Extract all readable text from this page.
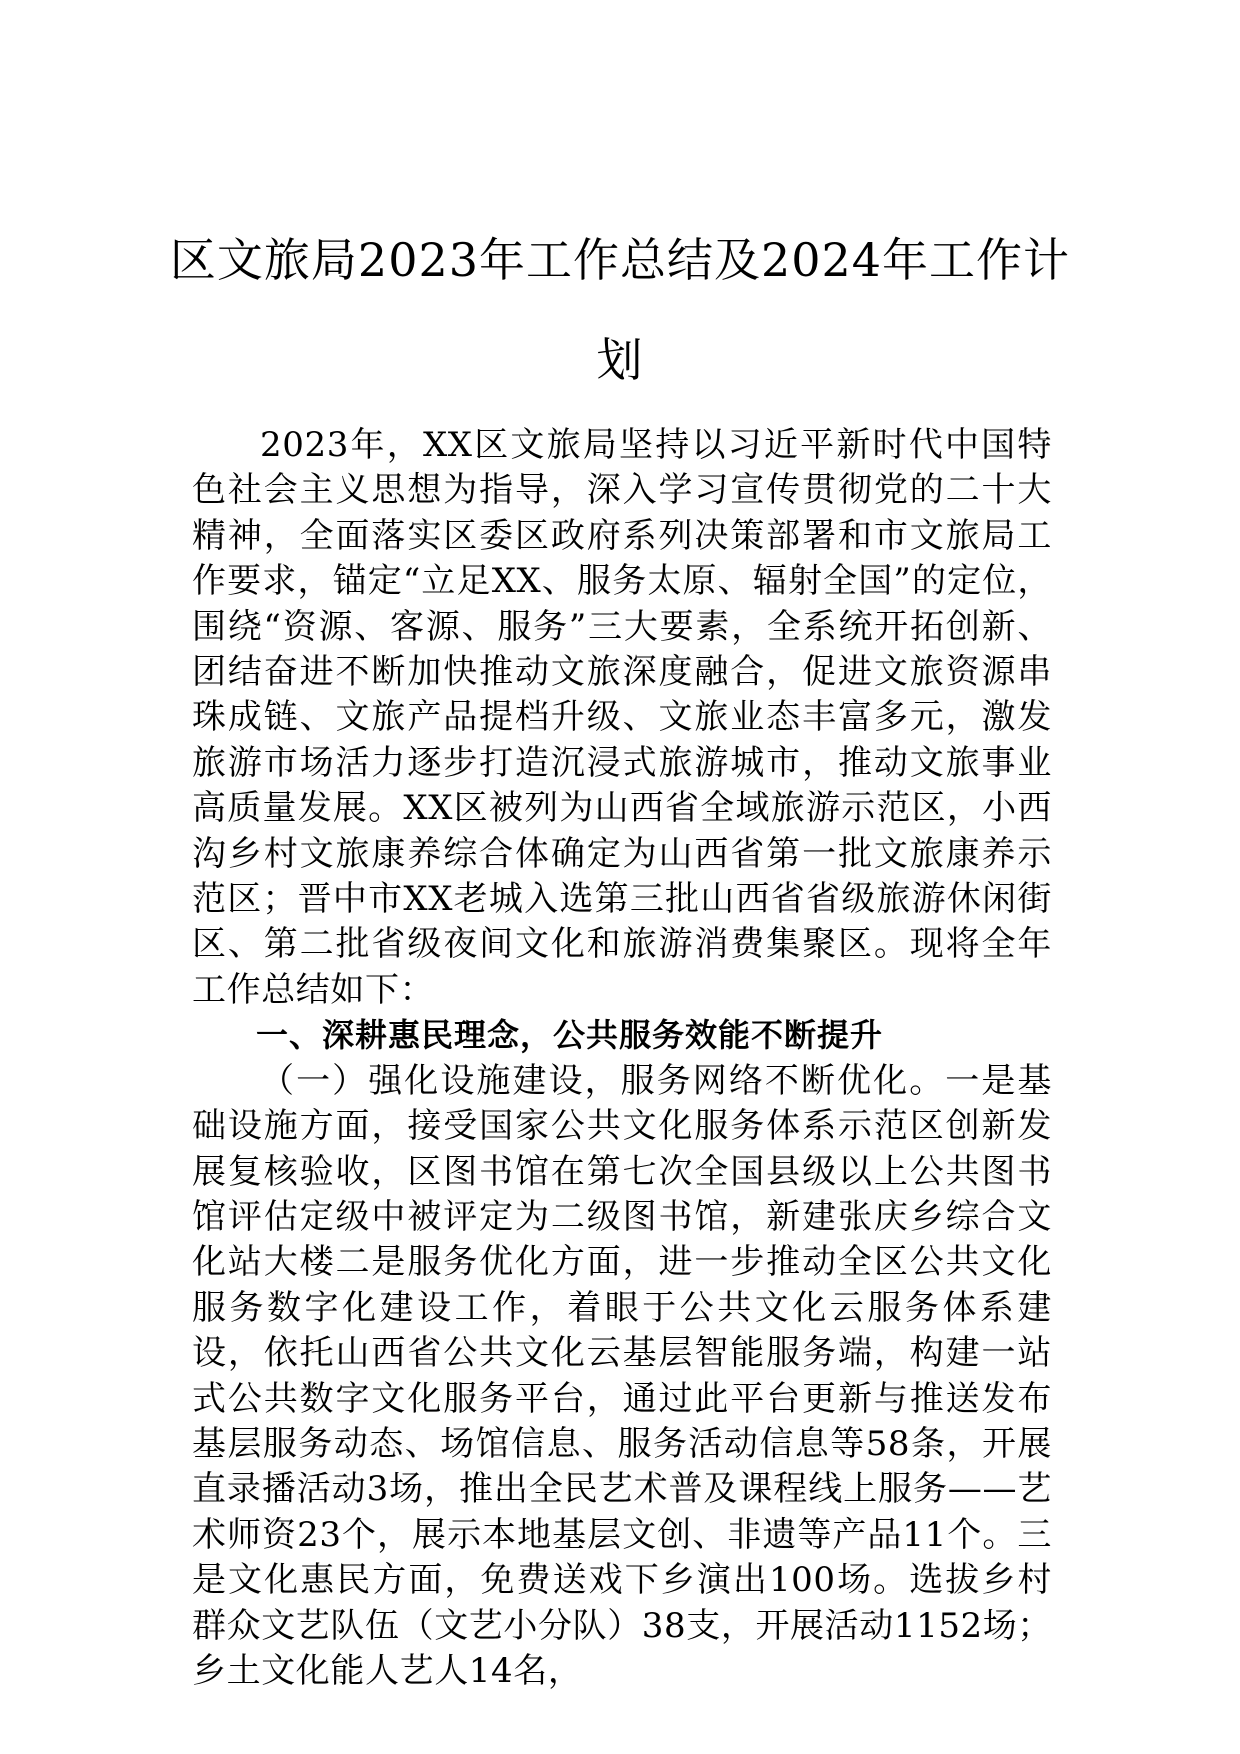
区文旅局2023年工作总结及2024年工作计划

2023年，XX区文旅局坚持以习近平新时代中国特色社会主义思想为指导，深入学习宣传贯彻党的二十大精神，全面落实区委区政府系列决策部署和市文旅局工作要求，锚定“立足XX、服务太原、辐射全国”的定位，围绕“资源、客源、服务”三大要素，全系统开拓创新、团结奋进不断加快推动文旅深度融合，促进文旅资源串珠成链、文旅产品提档升级、文旅业态丰富多元，激发旅游市场活力逐步打造沉浸式旅游城市，推动文旅事业高质量发展。XX区被列为山西省全域旅游示范区，小西沟乡村文旅康养综合体确定为山西省第一批文旅康养示范区；晋中市XX老城入选第三批山西省省级旅游休闲街区、第二批省级夜间文化和旅游消费集聚区。现将全年工作总结如下：

一、深耕惠民理念，公共服务效能不断提升

（一）强化设施建设，服务网络不断优化。一是基础设施方面，接受国家公共文化服务体系示范区创新发展复核验收，区图书馆在第七次全国县级以上公共图书馆评估定级中被评定为二级图书馆，新建张庆乡综合文化站大楼二是服务优化方面，进一步推动全区公共文化服务数字化建设工作，着眼于公共文化云服务体系建设，依托山西省公共文化云基层智能服务端，构建一站式公共数字文化服务平台，通过此平台更新与推送发布基层服务动态、场馆信息、服务活动信息等58条，开展直录播活动3场，推出全民艺术普及课程线上服务——艺术师资23个，展示本地基层文创、非遗等产品11个。三是文化惠民方面，免费送戏下乡演出100场。选拔乡村群众文艺队伍（文艺小分队）38支，开展活动1152场；乡土文化能人艺人14名，
